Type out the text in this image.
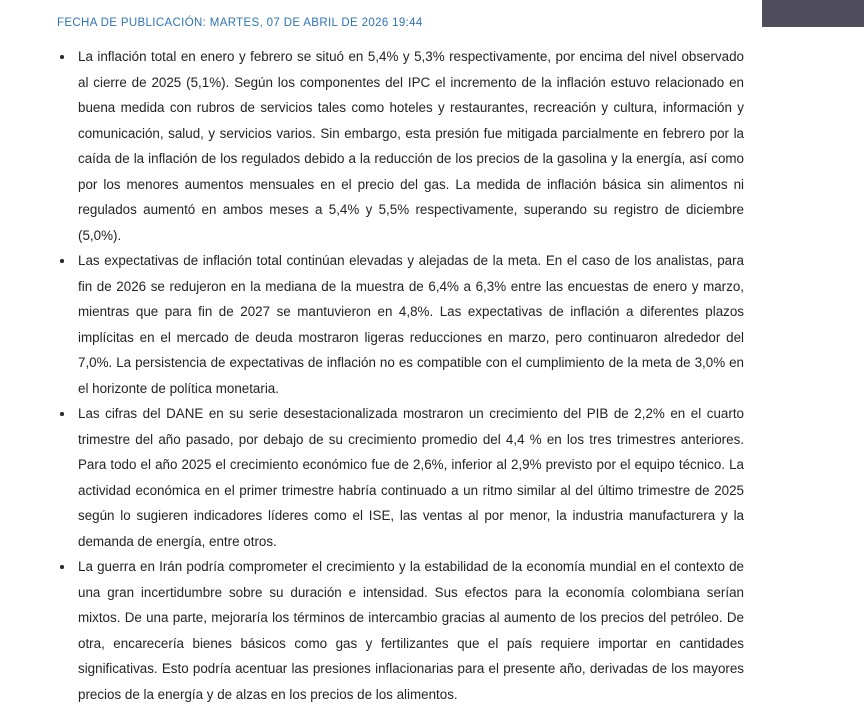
FECHA DE PUBLICACIÓN: MARTES, 07 DE ABRIL DE 2026 19:44
La inflación total en enero y febrero se situó en 5,4% y 5,3% respectivamente, por encima del nivel observado al cierre de 2025 (5,1%). Según los componentes del IPC el incremento de la inflación estuvo relacionado en buena medida con rubros de servicios tales como hoteles y restaurantes, recreación y cultura, información y comunicación, salud, y servicios varios. Sin embargo, esta presión fue mitigada parcialmente en febrero por la caída de la inflación de los regulados debido a la reducción de los precios de la gasolina y la energía, así como por los menores aumentos mensuales en el precio del gas. La medida de inflación básica sin alimentos ni regulados aumentó en ambos meses a 5,4% y 5,5% respectivamente, superando su registro de diciembre (5,0%).
Las expectativas de inflación total continúan elevadas y alejadas de la meta. En el caso de los analistas, para fin de 2026 se redujeron en la mediana de la muestra de 6,4% a 6,3% entre las encuestas de enero y marzo, mientras que para fin de 2027 se mantuvieron en 4,8%. Las expectativas de inflación a diferentes plazos implícitas en el mercado de deuda mostraron ligeras reducciones en marzo, pero continuaron alrededor del 7,0%. La persistencia de expectativas de inflación no es compatible con el cumplimiento de la meta de 3,0% en el horizonte de política monetaria.
Las cifras del DANE en su serie desestacionalizada mostraron un crecimiento del PIB de 2,2% en el cuarto trimestre del año pasado, por debajo de su crecimiento promedio del 4,4 % en los tres trimestres anteriores. Para todo el año 2025 el crecimiento económico fue de 2,6%, inferior al 2,9% previsto por el equipo técnico. La actividad económica en el primer trimestre habría continuado a un ritmo similar al del último trimestre de 2025 según lo sugieren indicadores líderes como el ISE, las ventas al por menor, la industria manufacturera y la demanda de energía, entre otros.
La guerra en Irán podría comprometer el crecimiento y la estabilidad de la economía mundial en el contexto de una gran incertidumbre sobre su duración e intensidad. Sus efectos para la economía colombiana serían mixtos. De una parte, mejoraría los términos de intercambio gracias al aumento de los precios del petróleo. De otra, encarecería bienes básicos como gas y fertilizantes que el país requiere importar en cantidades significativas. Esto podría acentuar las presiones inflacionarias para el presente año, derivadas de los mayores precios de la energía y de alzas en los precios de los alimentos.
